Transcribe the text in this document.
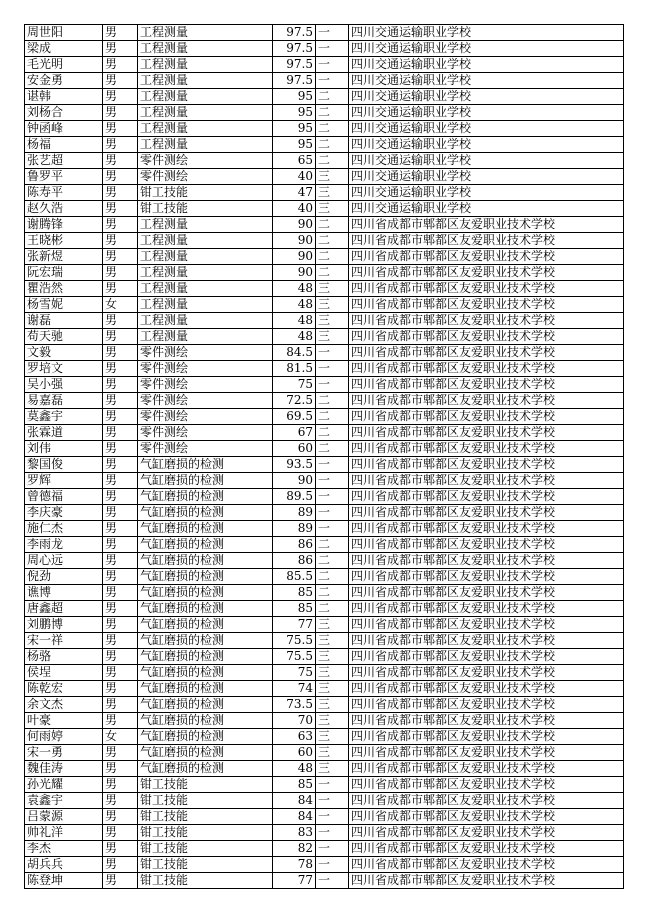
周世阳	男	工程测量	97.5	一	四川交通运输职业学校
梁成	男	工程测量	97.5	一	四川交通运输职业学校
毛光明	男	工程测量	97.5	一	四川交通运输职业学校
安金勇	男	工程测量	97.5	一	四川交通运输职业学校
谌韩	男	工程测量	95	二	四川交通运输职业学校
刘杨合	男	工程测量	95	二	四川交通运输职业学校
钟函峰	男	工程测量	95	二	四川交通运输职业学校
杨福	男	工程测量	95	二	四川交通运输职业学校
张艺超	男	零件测绘	65	二	四川交通运输职业学校
鲁罗平	男	零件测绘	40	三	四川交通运输职业学校
陈寿平	男	钳工技能	47	三	四川交通运输职业学校
赵久浩	男	钳工技能	40	三	四川交通运输职业学校
谢腾锋	男	工程测量	90	二	四川省成都市郫都区友爱职业技术学校
王晓彬	男	工程测量	90	二	四川省成都市郫都区友爱职业技术学校
张新煜	男	工程测量	90	二	四川省成都市郫都区友爱职业技术学校
阮宏瑞	男	工程测量	90	二	四川省成都市郫都区友爱职业技术学校
瞿浩然	男	工程测量	48	三	四川省成都市郫都区友爱职业技术学校
杨雪妮	女	工程测量	48	三	四川省成都市郫都区友爱职业技术学校
谢磊	男	工程测量	48	三	四川省成都市郫都区友爱职业技术学校
苟天驰	男	工程测量	48	三	四川省成都市郫都区友爱职业技术学校
文毅	男	零件测绘	84.5	一	四川省成都市郫都区友爱职业技术学校
罗培文	男	零件测绘	81.5	一	四川省成都市郫都区友爱职业技术学校
吴小强	男	零件测绘	75	一	四川省成都市郫都区友爱职业技术学校
易嘉磊	男	零件测绘	72.5	二	四川省成都市郫都区友爱职业技术学校
莫鑫宇	男	零件测绘	69.5	二	四川省成都市郫都区友爱职业技术学校
张霖道	男	零件测绘	67	二	四川省成都市郫都区友爱职业技术学校
刘伟	男	零件测绘	60	二	四川省成都市郫都区友爱职业技术学校
黎国俊	男	气缸磨损的检测	93.5	一	四川省成都市郫都区友爱职业技术学校
罗辉	男	气缸磨损的检测	90	一	四川省成都市郫都区友爱职业技术学校
曾德福	男	气缸磨损的检测	89.5	一	四川省成都市郫都区友爱职业技术学校
李庆豪	男	气缸磨损的检测	89	一	四川省成都市郫都区友爱职业技术学校
施仁杰	男	气缸磨损的检测	89	一	四川省成都市郫都区友爱职业技术学校
李雨龙	男	气缸磨损的检测	86	二	四川省成都市郫都区友爱职业技术学校
周心远	男	气缸磨损的检测	86	二	四川省成都市郫都区友爱职业技术学校
倪劲	男	气缸磨损的检测	85.5	二	四川省成都市郫都区友爱职业技术学校
谯博	男	气缸磨损的检测	85	二	四川省成都市郫都区友爱职业技术学校
唐鑫超	男	气缸磨损的检测	85	二	四川省成都市郫都区友爱职业技术学校
刘鹏博	男	气缸磨损的检测	77	三	四川省成都市郫都区友爱职业技术学校
宋一祥	男	气缸磨损的检测	75.5	三	四川省成都市郫都区友爱职业技术学校
杨骆	男	气缸磨损的检测	75.5	三	四川省成都市郫都区友爱职业技术学校
侯埕	男	气缸磨损的检测	75	三	四川省成都市郫都区友爱职业技术学校
陈乾宏	男	气缸磨损的检测	74	三	四川省成都市郫都区友爱职业技术学校
余文杰	男	气缸磨损的检测	73.5	三	四川省成都市郫都区友爱职业技术学校
叶豪	男	气缸磨损的检测	70	三	四川省成都市郫都区友爱职业技术学校
何雨婷	女	气缸磨损的检测	63	三	四川省成都市郫都区友爱职业技术学校
宋一勇	男	气缸磨损的检测	60	三	四川省成都市郫都区友爱职业技术学校
魏佳涛	男	气缸磨损的检测	48	三	四川省成都市郫都区友爱职业技术学校
孙光耀	男	钳工技能	85	一	四川省成都市郫都区友爱职业技术学校
袁鑫宇	男	钳工技能	84	一	四川省成都市郫都区友爱职业技术学校
吕蒙源	男	钳工技能	84	一	四川省成都市郫都区友爱职业技术学校
帅礼洋	男	钳工技能	83	一	四川省成都市郫都区友爱职业技术学校
李杰	男	钳工技能	82	一	四川省成都市郫都区友爱职业技术学校
胡兵兵	男	钳工技能	78	一	四川省成都市郫都区友爱职业技术学校
陈登坤	男	钳工技能	77	一	四川省成都市郫都区友爱职业技术学校
